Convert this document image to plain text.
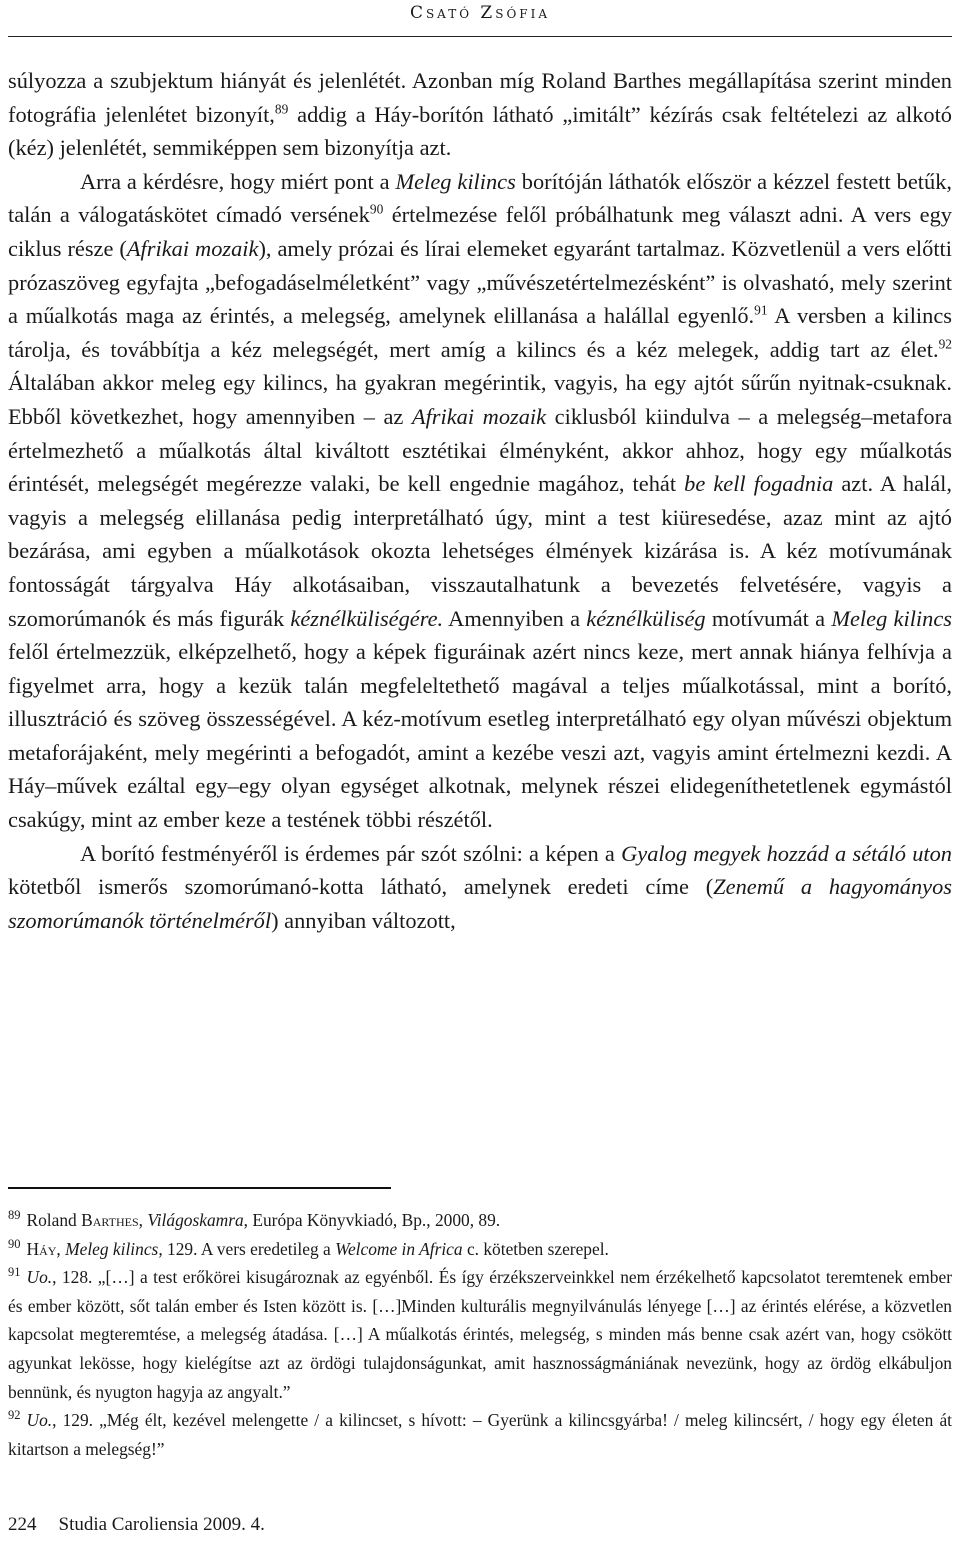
Csató Zsófia

súlyozza a szubjektum hiányát és jelenlétét. Azonban míg Roland Barthes megállapítása szerint minden fotográfia jelenlétet bizonyít,$^{89}$ addig a Háy-borítón látható „imitált” kézírás csak feltételezi az alkotó (kéz) jelenlétét, semmiképpen sem bizonyítja azt.

Arra a kérdésre, hogy miért pont a Meleg kilincs borítóján láthatók először a kézzel festett betűk, talán a válogatáskötet címadó versének$^{90}$ értelmezése felől próbálhatunk meg választ adni. A vers egy ciklus része (Afrikai mozaik), amely prózai és lírai elemeket egyaránt tartalmaz. Közvetlenül a vers előtti prózaszöveg egyfajta „befogadáselméletként” vagy „művészetértelmezésként” is olvasható, mely szerint a műalkotás maga az érintés, a melegség, amelynek elillanása a halállal egyenlő.$^{91}$ A versben a kilincs tárolja, és továbbítja a kéz melegségét, mert amíg a kilincs és a kéz melegek, addig tart az élet.$^{92}$ Általában akkor meleg egy kilincs, ha gyakran megérintik, vagyis, ha egy ajtót sűrűn nyitnak-csuknak. Ebből következhet, hogy amennyiben – az Afrikai mozaik ciklusból kiindulva – a melegség–metafora értelmezhető a műalkotás által kiváltott esztétikai élményként, akkor ahhoz, hogy egy műalkotás érintését, melegségét megérezze valaki, be kell engednie magához, tehát be kell fogadnia azt. A halál, vagyis a melegség elillanása pedig interpretálható úgy, mint a test kiüresedése, azaz mint az ajtó bezárása, ami egyben a műalkotások okozta lehetséges élmények kizárása is. A kéz motívumának fontosságát tárgyalva Háy alkotásaiban, visszautalhatunk a bevezetés felvetésére, vagyis a szomorúmanók és más figurák kéznélküliségére. Amennyiben a kéznélküliség motívumát a Meleg kilincs felől értelmezzük, elképzelhető, hogy a képek figuráinak azért nincs keze, mert annak hiánya felhívja a figyelmet arra, hogy a kezük talán megfeleltethető magával a teljes műalkotással, mint a borító, illusztráció és szöveg összességével. A kéz-motívum esetleg interpretálható egy olyan művészi objektum metaforájaként, mely megérinti a befogadót, amint a kezébe veszi azt, vagyis amint értelmezni kezdi. A Háy–művek ezáltal egy–egy olyan egységet alkotnak, melynek részei elidegeníthetetlenek egymástól csakúgy, mint az ember keze a testének többi részétől.

A borító festményéről is érdemes pár szót szólni: a képen a Gyalog megyek hozzád a sétáló uton kötetből ismerős szomorúmanó-kotta látható, amelynek eredeti címe (Zenemű a hagyományos szomorúmanók történelméről) annyiban változott,

$^{89}$ Roland Barthes, Világoskamra, Európa Könyvkiadó, Bp., 2000, 89.

$^{90}$ Háy, Meleg kilincs, 129. A vers eredetileg a Welcome in Africa c. kötetben szerepel.

$^{91}$ Uo., 128. „[…] a test erőkörei kisugároznak az egyénből. És így érzékszerveinkkel nem érzékelhető kapcsolatot teremtenek ember és ember között, sőt talán ember és Isten között is. […]Minden kulturális megnyilvánulás lényege […] az érintés elérése, a közvetlen kapcsolat megteremtése, a melegség átadása. […] A műalkotás érintés, melegség, s minden más benne csak azért van, hogy csökött agyunkat lekösse, hogy kielégítse azt az ördögi tulajdonságunkat, amit hasznosságmániának nevezünk, hogy az ördög elkábuljon bennünk, és nyugton hagyja az angyalt.”

$^{92}$ Uo., 129. „Még élt, kezével melengette / a kilincset, s hívott: – Gyerünk a kilincsgyárba! / meleg kilincsért, / hogy egy életen át kitartson a melegség!”

224 Studia Caroliensia 2009. 4.
